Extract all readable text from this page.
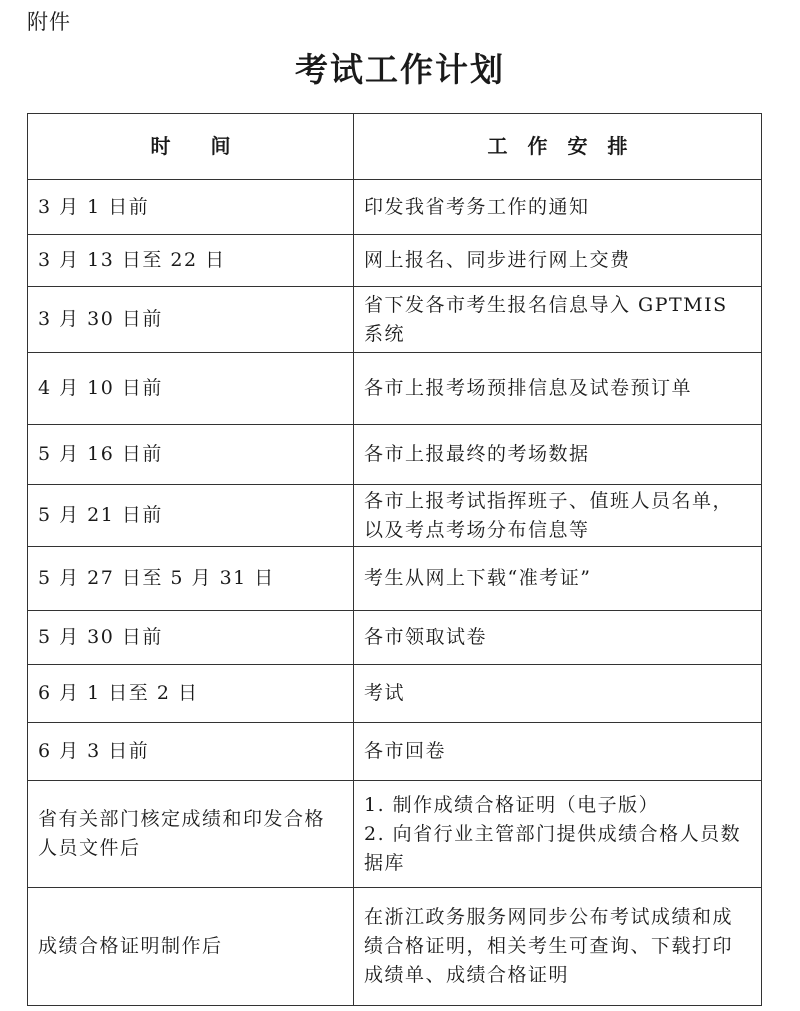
附件
考试工作计划
时　　间	工　作　安　排
3 月 1 日前	印发我省考务工作的通知
3 月 13 日至 22 日	网上报名、同步进行网上交费
3 月 30 日前	省下发各市考生报名信息导入 GPTMIS 系统
4 月 10 日前	各市上报考场预排信息及试卷预订单
5 月 16 日前	各市上报最终的考场数据
5 月 21 日前	各市上报考试指挥班子、值班人员名单，以及考点考场分布信息等
5 月 27 日至 5 月 31 日	考生从网上下载“准考证”
5 月 30 日前	各市领取试卷
6 月 1 日至 2 日	考试
6 月 3 日前	各市回卷
省有关部门核定成绩和印发合格人员文件后	1. 制作成绩合格证明（电子版）
2. 向省行业主管部门提供成绩合格人员数据库

成绩合格证明制作后	在浙江政务服务网同步公布考试成绩和成绩合格证明，相关考生可查询、下载打印成绩单、成绩合格证明
